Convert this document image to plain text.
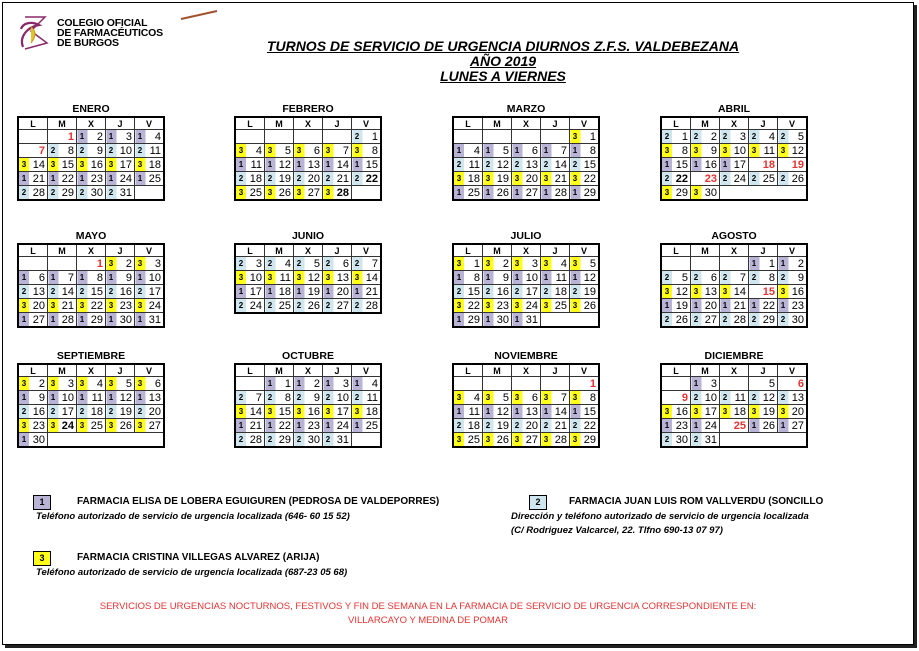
COLEGIO OFICIAL
DE FARMACÉUTICOS
DE BURGOS	TURNOS DE SERVICIO DE URGENCIA DIURNOS Z.F.S. VALDEBEZANA
AÑO 2019
LUNES A VIERNES
ENERO
L	M	X	J	V

	1	1 2	1 3	1 4

7	2 8	2 9	2 10	2 11

3 14	3 15	3 16	3 17	3 18

1 21	1 22	1 23	1 24	1 25

2 28	2 29	2 30	2 31	

FEBRERO
L	M	X	J	V

				2 1

3 4	3 5	3 6	3 7	3 8

1 11	1 12	1 13	1 14	1 15

2 18	2 19	2 20	2 21	2 22

3 25	3 26	3 27	3 28	

MARZO
L	M	X	J	V

				3 1

1 4	1 5	1 6	1 7	1 8

2 11	2 12	2 13	2 14	2 15

3 18	3 19	3 20	3 21	3 22

1 25	1 26	1 27	1 28	1 29
ABRIL
L	M	X	J	V

2 1	2 2	2 3	2 4	2 5

3 8	3 9	3 10	3 11	3 12

1 15	1 16	1 17	18	19

2 22	23	2 24	2 25	2 26

3 29	3 30			

MAYO
L	M	X	J	V

		1	3 2	3 3

1 6	1 7	1 8	1 9	1 10

2 13	2 14	2 15	2 16	2 17

3 20	3 21	3 22	3 23	3 24

1 27	1 28	1 29	1 30	1 31
JUNIO
L	M	X	J	V

2 3	2 4	2 5	2 6	2 7

3 10	3 11	3 12	3 13	3 14

1 17	1 18	1 19	1 20	1 21

2 24	2 25	2 26	2 27	2 28
JULIO
L	M	X	J	V

3 1	3 2	3 3	3 4	3 5

1 8	1 9	1 10	1 11	1 12

2 15	2 16	2 17	2 18	2 19

3 22	3 23	3 24	3 25	3 26

1 29	1 30	1 31		

AGOSTO
L	M	X	J	V

			1 1	1 2

2 5	2 6	2 7	2 8	2 9

3 12	3 13	3 14	15	3 16

1 19	1 20	1 21	1 22	1 23

2 26	2 27	2 28	2 29	2 30
SEPTIEMBRE
L	M	X	J	V

3 2	3 3	3 4	3 5	3 6

1 9	1 10	1 11	1 12	1 13

2 16	2 17	2 18	2 19	2 20

3 23	3 24	3 25	3 26	3 27

1 30				

OCTUBRE
L	M	X	J	V

	1 1	1 2	1 3	1 4

2 7	2 8	2 9	2 10	2 11

3 14	3 15	3 16	3 17	3 18

1 21	1 22	1 23	1 24	1 25

2 28	2 29	2 30	2 31	

NOVIEMBRE
L	M	X	J	V

				1

3 4	3 5	3 6	3 7	3 8

1 11	1 12	1 13	1 14	1 15

2 18	2 19	2 20	2 21	2 22

3 25	3 26	3 27	3 28	3 29
DICIEMBRE
L	M	X	J	V

	1 3		5	6

9	2 10	2 11	2 12	2 13

3 16	3 17	3 18	3 19	3 20

1 23	1 24	25	1 26	1 27

2 30	2 31			

1	FARMACIA ELISA DE LOBERA EGUIGUREN (PEDROSA DE VALDEPORRES)
Teléfono autorizado de servicio de urgencia localizada (646- 60 15 52)
2	FARMACIA JUAN LUIS ROM VALLVERDU (SONCILLO
Dirección y teléfono autorizado de servicio de urgencia localizada
(C/ Rodriguez Valcarcel, 22. Tlfno 690-13 07 97)
3	FARMACIA CRISTINA VILLEGAS ALVAREZ (ARIJA)
Teléfono autorizado de servicio de urgencia localizada (687-23 05 68)
SERVICIOS DE URGENCIAS NOCTURNOS, FESTIVOS Y FIN DE SEMANA EN LA FARMACIA DE SERVICIO DE URGENCIA CORRESPONDIENTE EN:
VILLARCAYO Y MEDINA DE POMAR
